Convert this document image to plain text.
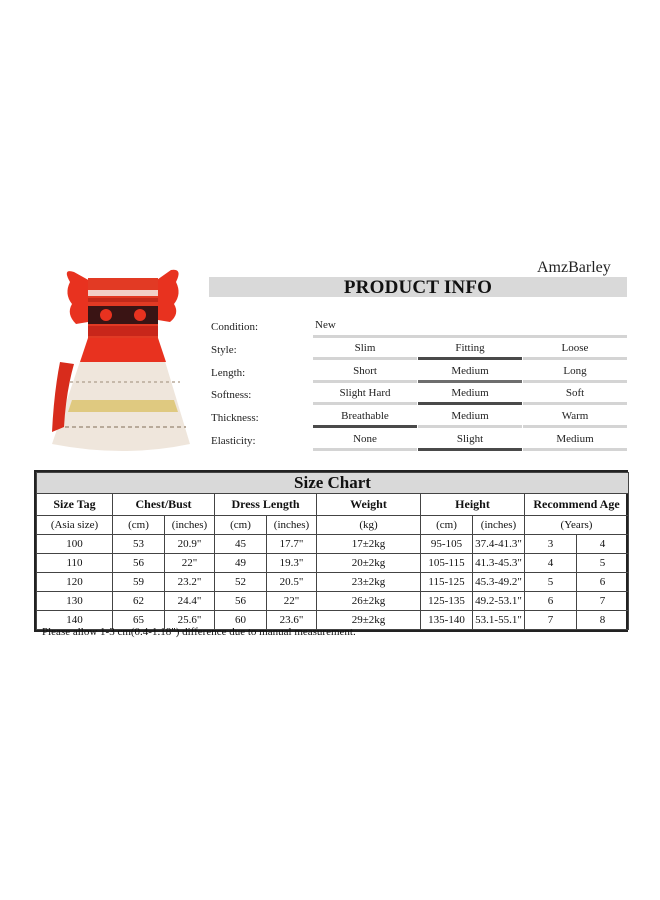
AmzBarley
PRODUCT INFO
Condition:	New
Style:	Slim	Fitting	Loose
Length:	Short	Medium	Long
Softness:	Slight Hard	Medium	Soft
Thickness:	Breathable	Medium	Warm
Elasticity:	None	Slight	Medium
Size Chart									
Size Tag	Chest/Bust		Dress Length		Weight	Height		Recommend Age	
(Asia size)	(cm)	(inches)	(cm)	(inches)	(kg)	(cm)	(inches)	(Years)	
100	53	20.9"	45	17.7"	17±2kg	95-105	37.4-41.3"	3	4
110	56	22"	49	19.3"	20±2kg	105-115	41.3-45.3"	4	5
120	59	23.2"	52	20.5"	23±2kg	115-125	45.3-49.2"	5	6
130	62	24.4"	56	22"	26±2kg	125-135	49.2-53.1"	6	7
140	65	25.6"	60	23.6"	29±2kg	135-140	53.1-55.1"	7	8
Please allow 1-3 cm(0.4-1.18") difference due to manual measurement.
